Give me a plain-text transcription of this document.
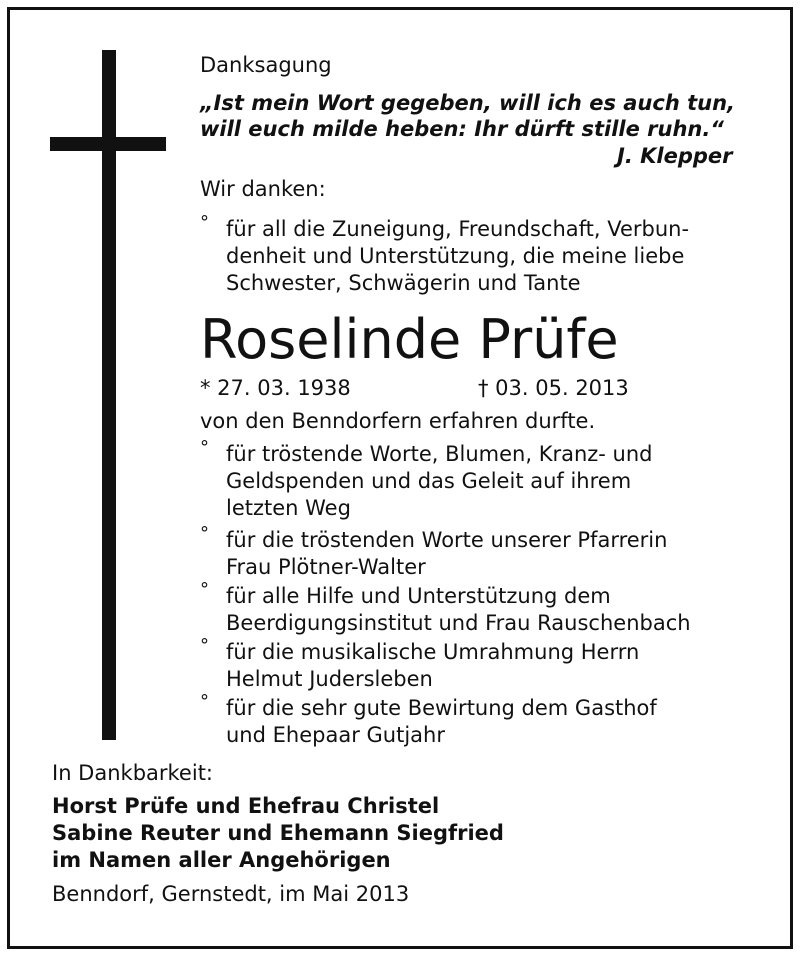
Danksagung
„Ist mein Wort gegeben, will ich es auch tun,
will euch milde heben: Ihr dürft stille ruhn.“
J. Klepper
Wir danken:
° für all die Zuneigung, Freundschaft, Verbun-
denheit und Unterstützung, die meine liebe
Schwester, Schwägerin und Tante
Roselinde Prüfe
* 27. 03. 1938	† 03. 05. 2013
von den Benndorfern erfahren durfte.
° für tröstende Worte, Blumen, Kranz- und
Geldspenden und das Geleit auf ihrem
letzten Weg
° für die tröstenden Worte unserer Pfarrerin
Frau Plötner-Walter
° für alle Hilfe und Unterstützung dem
Beerdigungsinstitut und Frau Rauschenbach
° für die musikalische Umrahmung Herrn
Helmut Judersleben
° für die sehr gute Bewirtung dem Gasthof
und Ehepaar Gutjahr
In Dankbarkeit:
Horst Prüfe und Ehefrau Christel
Sabine Reuter und Ehemann Siegfried
im Namen aller Angehörigen
Benndorf, Gernstedt, im Mai 2013
